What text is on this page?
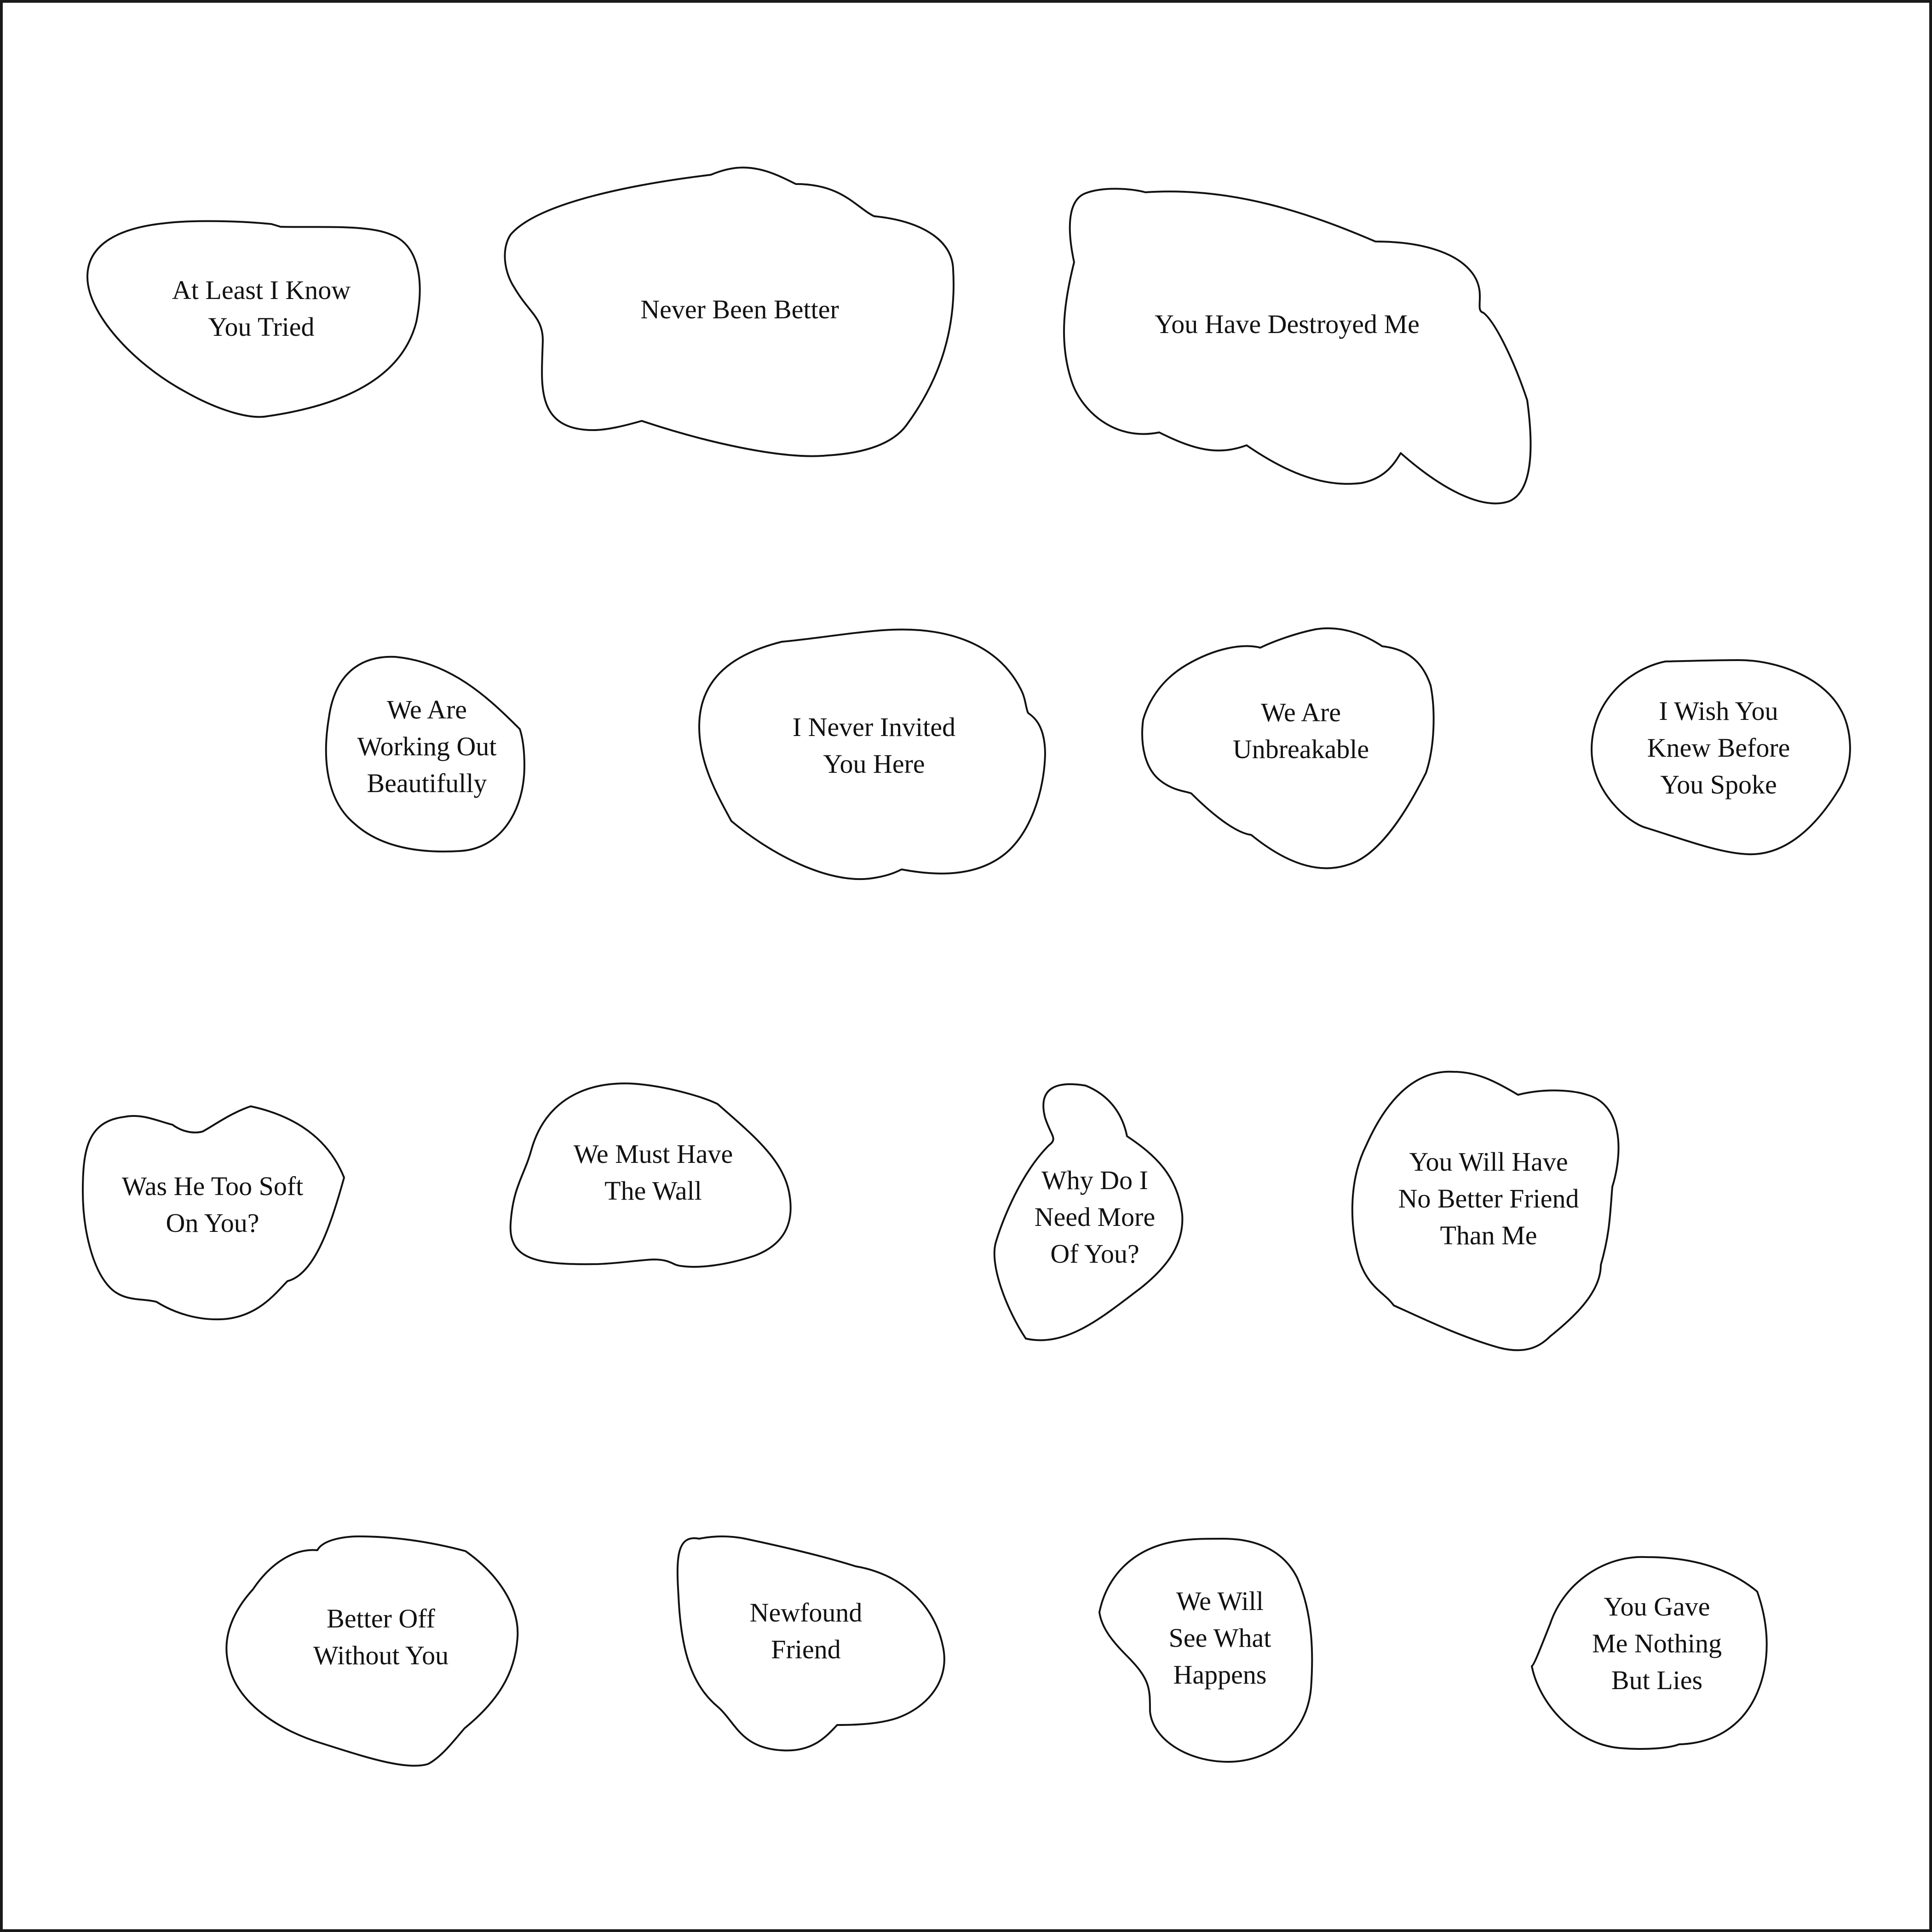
At Least I Know You Tried
Never Been Better	You Have Destroyed Me
We Are Working Out Beautifully
I Never Invited You Here
We Are Unbreakable
I Wish You Knew Before You Spoke
Was He Too Soft On You?
We Must Have The Wall	Why Do I Need More Of You?
You Will Have No Better Friend Than Me
Better Off Without You
Newfound Friend
We Will See What Happens
You Gave Me Nothing But Lies
